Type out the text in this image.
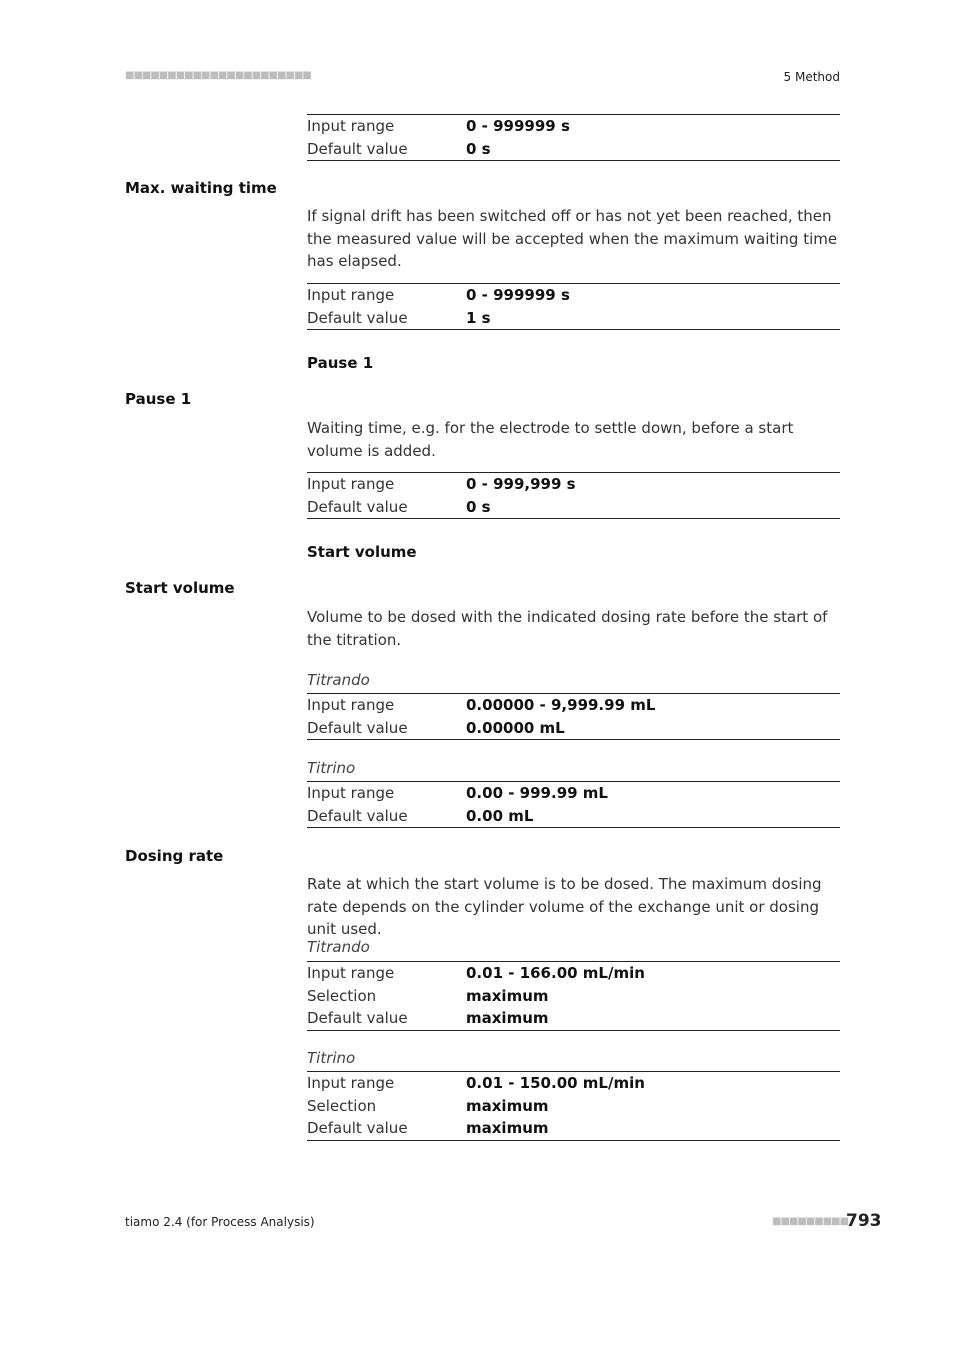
■■■■■■■■■■■■■■■■■■■■■■	5 Method
Input range	0 - 999999 s
Default value	0 s
Max. waiting time
If signal drift has been switched off or has not yet been reached, then the measured value will be accepted when the maximum waiting time has elapsed.
Input range	0 - 999999 s
Default value	1 s
Pause 1
Pause 1
Waiting time, e.g. for the electrode to settle down, before a start volume is added.
Input range	0 - 999,999 s
Default value	0 s
Start volume
Start volume
Volume to be dosed with the indicated dosing rate before the start of the titration.
Titrando
Input range	0.00000 - 9,999.99 mL
Default value	0.00000 mL
Titrino
Input range	0.00 - 999.99 mL
Default value	0.00 mL
Dosing rate
Rate at which the start volume is to be dosed. The maximum dosing rate depends on the cylinder volume of the exchange unit or dosing unit used.
Titrando
Input range	0.01 - 166.00 mL/min
Selection	maximum
Default value	maximum
Titrino
Input range	0.01 - 150.00 mL/min
Selection	maximum
Default value	maximum
tiamo 2.4 (for Process Analysis)	■■■■■■■■■
793
